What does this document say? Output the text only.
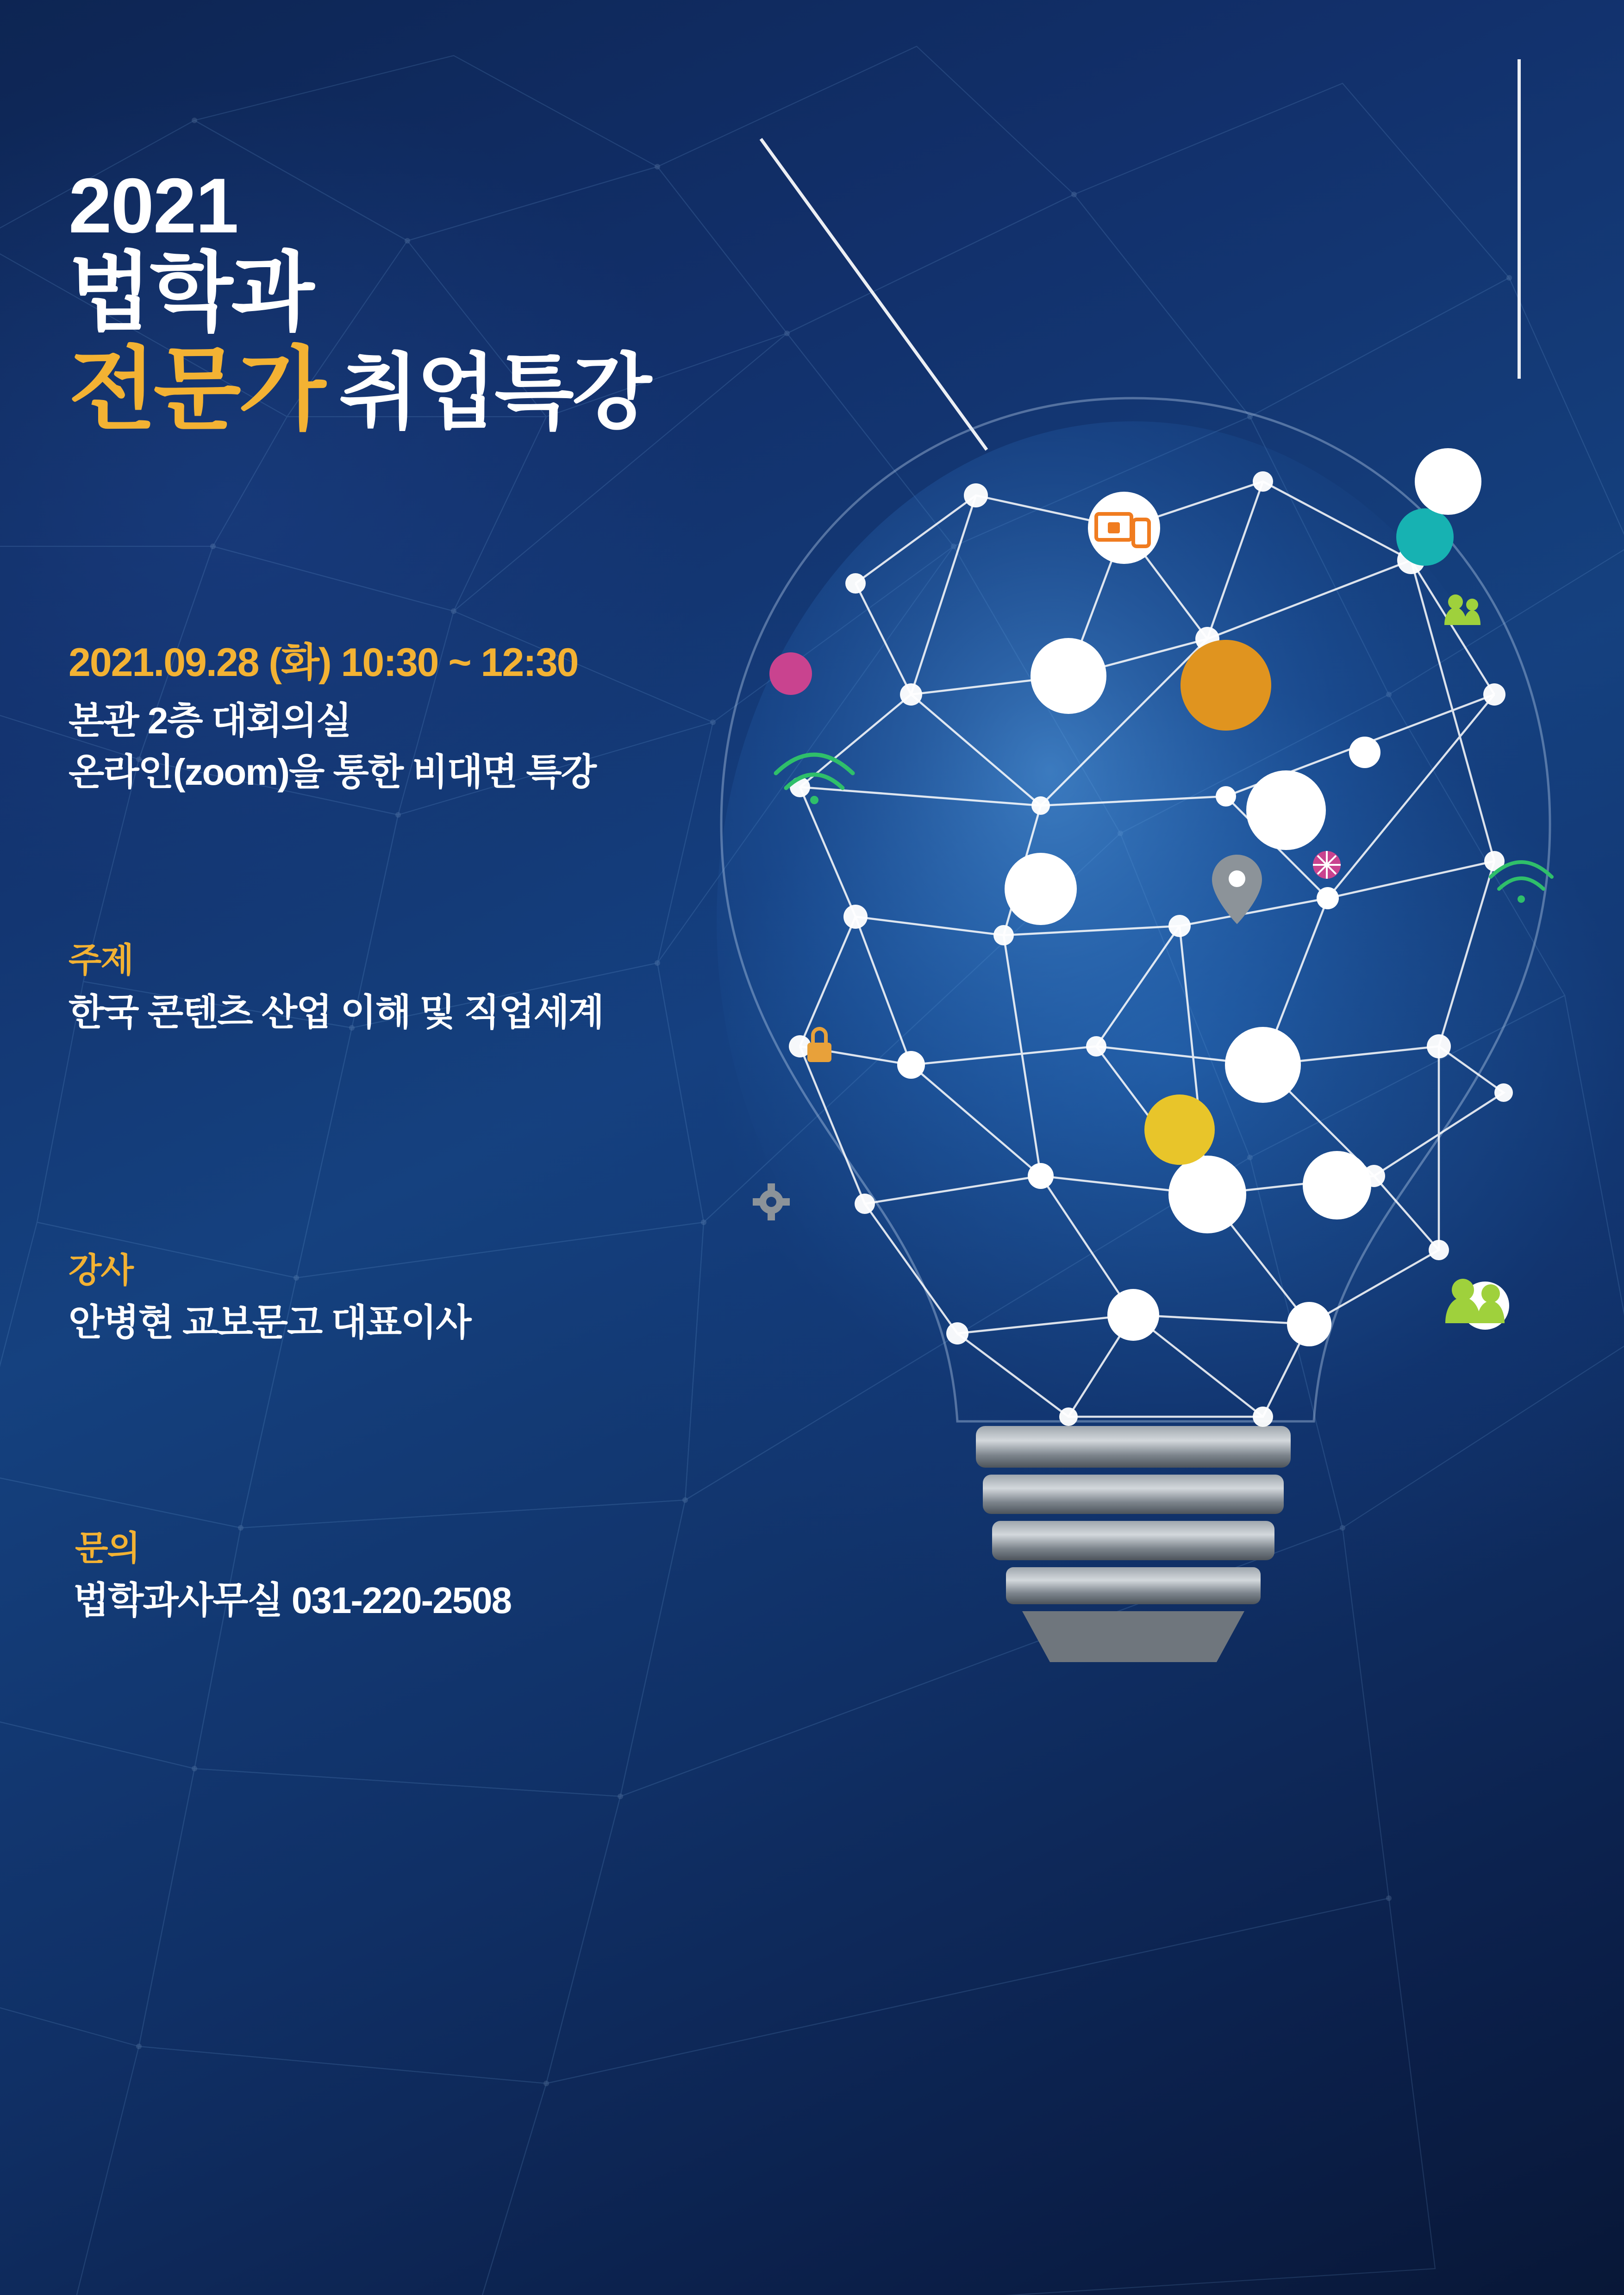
2021
법학과
전문가 취업특강
2021.09.28 (화) 10:30 ~ 12:30
본관 2층 대회의실
온라인(zoom)을 통한 비대면 특강
주제
한국 콘텐츠 산업 이해 및 직업세계
강사
안병현 교보문고 대표이사
문의
법학과사무실 031-220-2508
